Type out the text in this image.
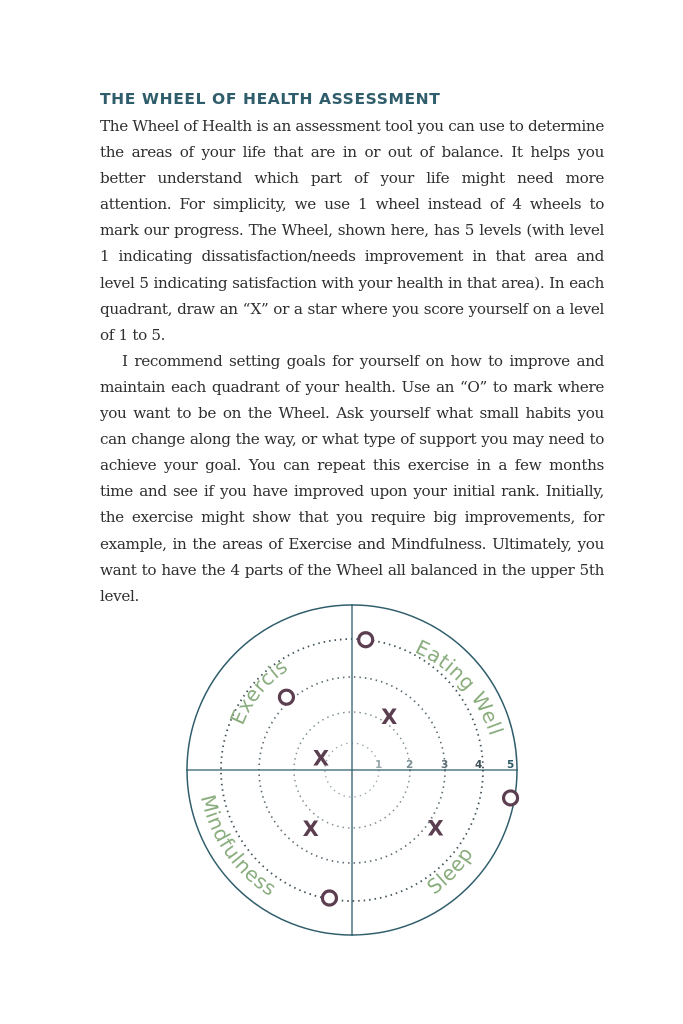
THE WHEEL OF HEALTH ASSESSMENT

The Wheel of Health is an assessment tool you can use to determine the areas of your life that are in or out of balance. It helps you better understand which part of your life might need more attention. For simplicity, we use 1 wheel instead of 4 wheels to mark our progress. The Wheel, shown here, has 5 levels (with level 1 indicating dissatisfaction/needs improvement in that area and level 5 indicating satisfaction with your health in that area). In each quadrant, draw an “X” or a star where you score yourself on a level of 1 to 5.

I recommend setting goals for yourself on how to improve and maintain each quadrant of your health. Use an “O” to mark where you want to be on the Wheel. Ask yourself what small habits you can change along the way, or what type of support you may need to achieve your goal. You can repeat this exercise in a few months time and see if you have improved upon your initial rank. Initially, the exercise might show that you require big improvements, for example, in the areas of Exercise and Mindfulness. Ultimately, you want to have the 4 parts of the Wheel all balanced in the upper 5th level.

1 2	3	4 5
Exercise
Eating Well
Mindfulness	Sleep
X
X
X	X
